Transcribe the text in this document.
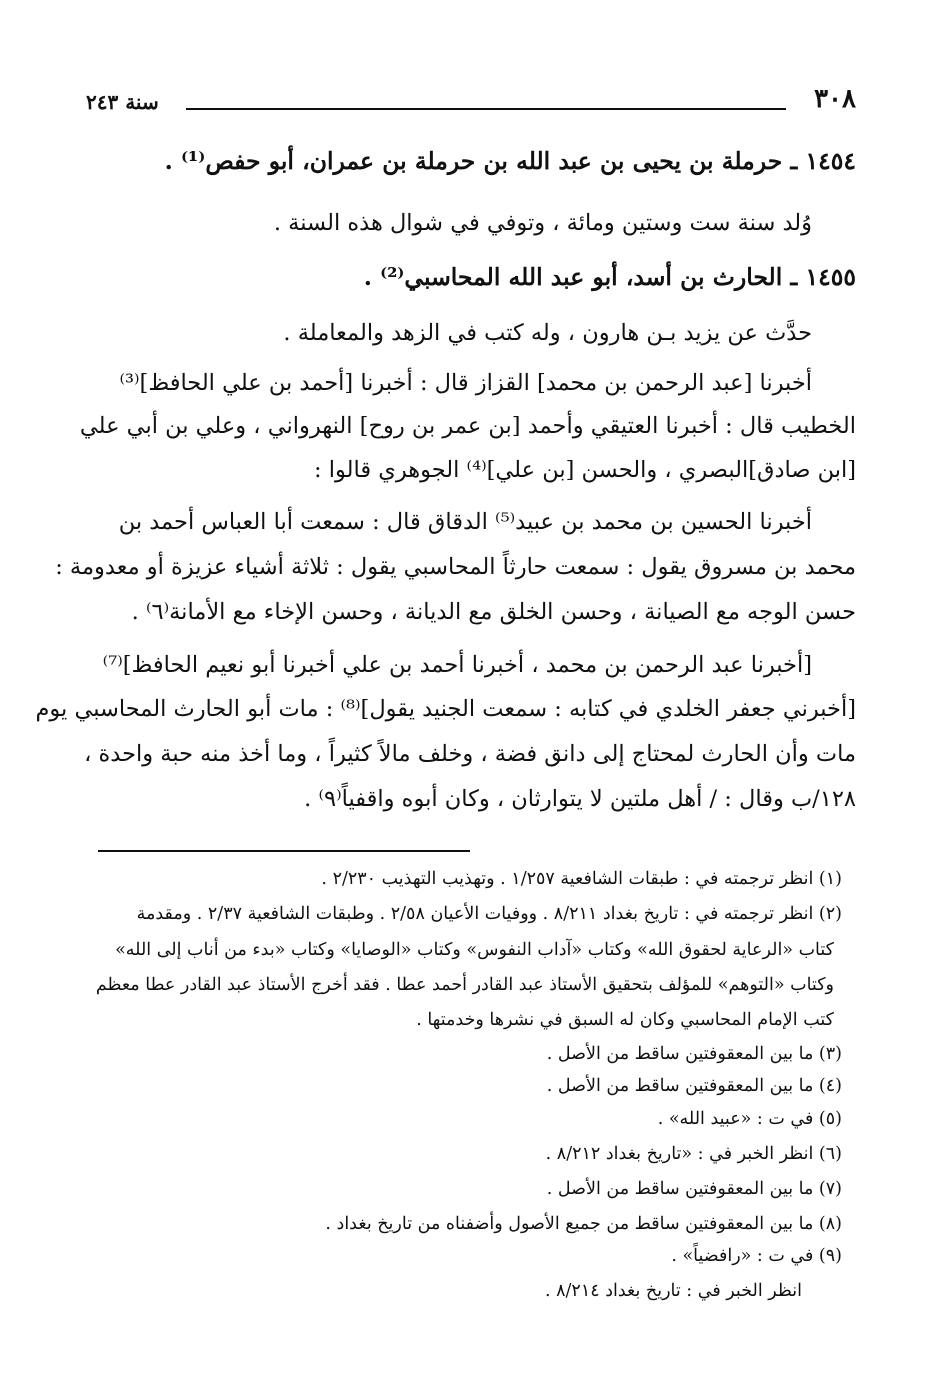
٣٠٨
سنة ٢٤٣
١٤٥٤ ـ حرملة بن يحيى بن عبد الله بن حرملة بن عمران، أبو حفص⁽¹⁾ .
وُلد سنة ست وستين ومائة ، وتوفي في شوال هذه السنة .
١٤٥٥ ـ الحارث بن أسد، أبو عبد الله المحاسبي⁽²⁾ .
حدَّث عن يزيد بـن هارون ، وله كتب في الزهد والمعاملة .
أخبرنا [عبد الرحمن بن محمد] القزاز قال : أخبرنا [أحمد بن علي الحافظ]⁽³⁾
الخطيب قال : أخبرنا العتيقي وأحمد [بن عمر بن روح] النهرواني ، وعلي بن أبي علي
[ابن صادق]البصري ، والحسن [بن علي]⁽⁴⁾ الجوهري قالوا :
أخبرنا الحسين بن محمد بن عبيد⁽⁵⁾ الدقاق قال : سمعت أبا العباس أحمد بن
محمد بن مسروق يقول : سمعت حارثاً المحاسبي يقول : ثلاثة أشياء عزيزة أو معدومة :
حسن الوجه مع الصيانة ، وحسن الخلق مع الديانة ، وحسن الإخاء مع الأمانة⁽٦⁾ .
[أخبرنا عبد الرحمن بن محمد ، أخبرنا أحمد بن علي أخبرنا أبو نعيم الحافظ]⁽⁷⁾
[أخبرني جعفر الخلدي في كتابه : سمعت الجنيد يقول]⁽⁸⁾ : مات أبو الحارث المحاسبي يوم
مات وأن الحارث لمحتاج إلى دانق فضة ، وخلف مالاً كثيراً ، وما أخذ منه حبة واحدة ،
١٢٨/ب وقال : / أهل ملتين لا يتوارثان ، وكان أبوه واقفياً⁽٩⁾ .
(١) انظر ترجمته في : طبقات الشافعية ١/٢٥٧ . وتهذيب التهذيب ٢/٢٣٠ .
(٢) انظر ترجمته في : تاريخ بغداد ٨/٢١١ . ووفيات الأعيان ٢/٥٨ . وطبقات الشافعية ٢/٣٧ . ومقدمة
كتاب «الرعاية لحقوق الله» وكتاب «آداب النفوس» وكتاب «الوصايا» وكتاب «بدء من أناب إلى الله»
وكتاب «التوهم» للمؤلف بتحقيق الأستاذ عبد القادر أحمد عطا . فقد أخرج الأستاذ عبد القادر عطا معظم
كتب الإمام المحاسبي وكان له السبق في نشرها وخدمتها .
(٣) ما بين المعقوفتين ساقط من الأصل .
(٤) ما بين المعقوفتين ساقط من الأصل .
(٥) في ت : «عبيد الله» .
(٦) انظر الخبر في : «تاريخ بغداد ٨/٢١٢ .
(٧) ما بين المعقوفتين ساقط من الأصل .
(٨) ما بين المعقوفتين ساقط من جميع الأصول وأضفناه من تاريخ بغداد .
(٩) في ت : «رافضياً» .
انظر الخبر في : تاريخ بغداد ٨/٢١٤ .
